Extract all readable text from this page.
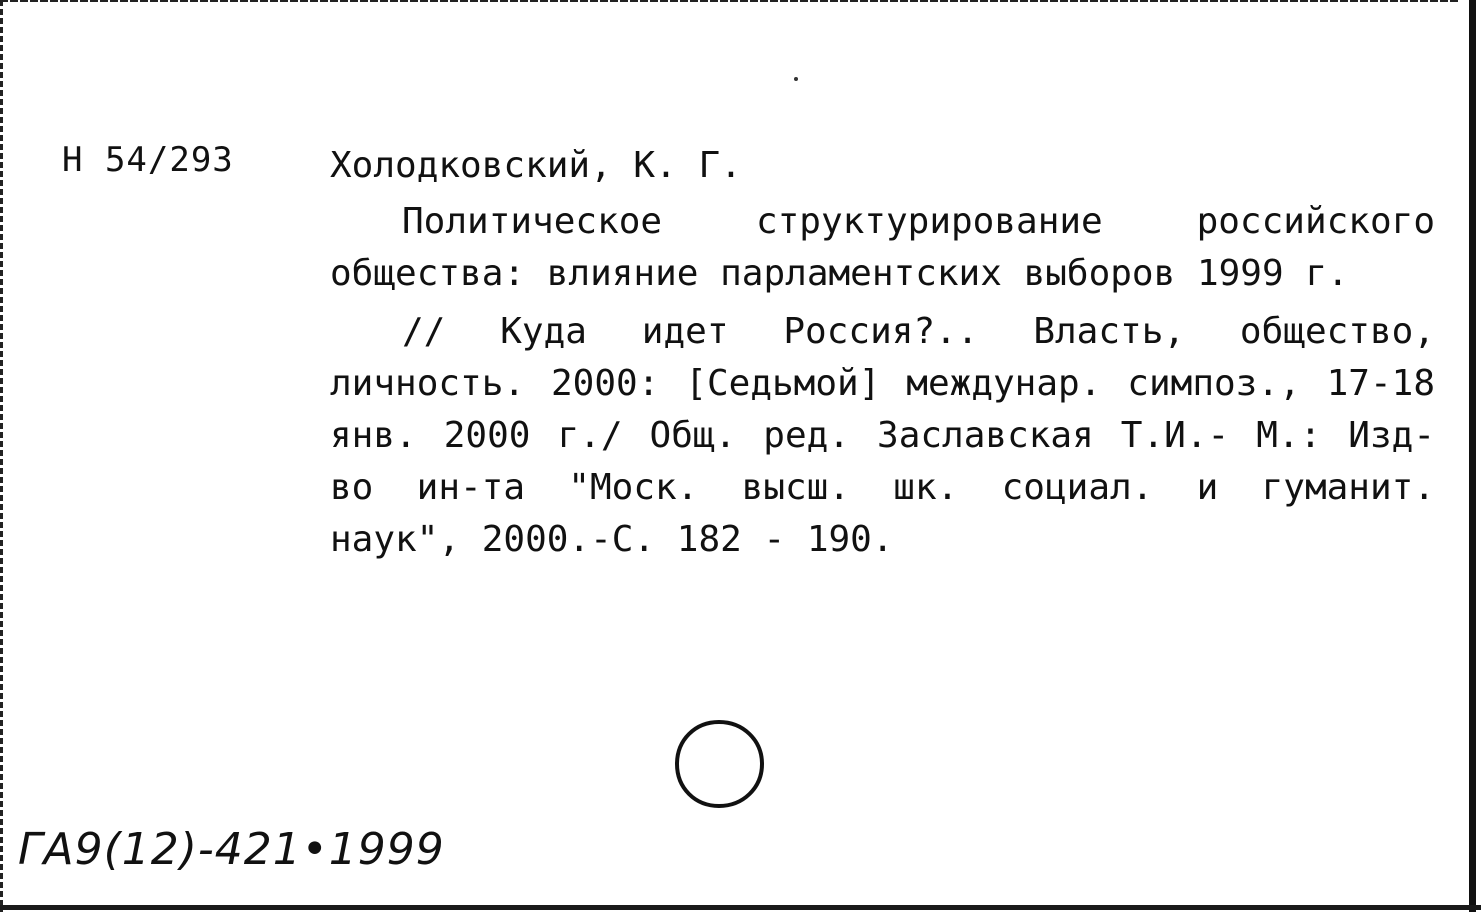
Н 54/293	Холодковский, К. Г.

Политическое структурирование российского общества: влияние парламентских выборов 1999 г.

// Куда идет Россия?.. Власть, общество, личность. 2000: [Седьмой] междунар. симпоз., 17-18 янв. 2000 г./ Общ. ред. Заславская Т.И.- М.: Изд-во ин-та "Моск. высш. шк. социал. и гуманит. наук", 2000.-С. 182 - 190.

ГА9(12)-421•1999
